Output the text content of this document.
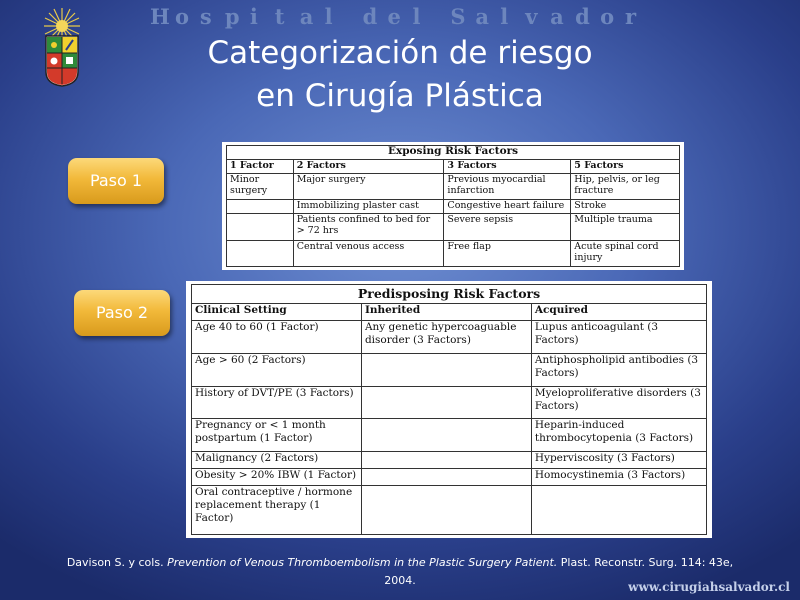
H o s p i t a l d e l S a l v a d o r
Categorización de riesgo
en Cirugía Plástica
Paso 1
Paso 2
Exposing Risk Factors			
1 Factor	2 Factors	3 Factors	5 Factors
Minor surgery	Major surgery	Previous myocardial infarction	Hip, pelvis, or leg fracture
	Immobilizing plaster cast	Congestive heart failure	Stroke
	Patients confined to bed for > 72 hrs	Severe sepsis	Multiple trauma
	Central venous access	Free flap	Acute spinal cord injury
Predisposing Risk Factors		
Clinical Setting	Inherited	Acquired
Age 40 to 60 (1 Factor)	Any genetic hypercoaguable disorder (3 Factors)	Lupus anticoagulant (3 Factors)
Age > 60 (2 Factors)		Antiphospholipid antibodies (3 Factors)
History of DVT/PE (3 Factors)		Myeloproliferative disorders (3 Factors)
Pregnancy or < 1 month postpartum (1 Factor)		Heparin-induced thrombocytopenia (3 Factors)
Malignancy (2 Factors)		Hyperviscosity (3 Factors)
Obesity > 20% IBW (1 Factor)		Homocystinemia (3 Factors)
Oral contraceptive / hormone replacement therapy (1 Factor)		
Davison S. y cols. Prevention of Venous Thromboembolism in the Plastic Surgery Patient. Plast. Reconstr. Surg. 114: 43e,
2004.	www.cirugiahsalvador.cl
